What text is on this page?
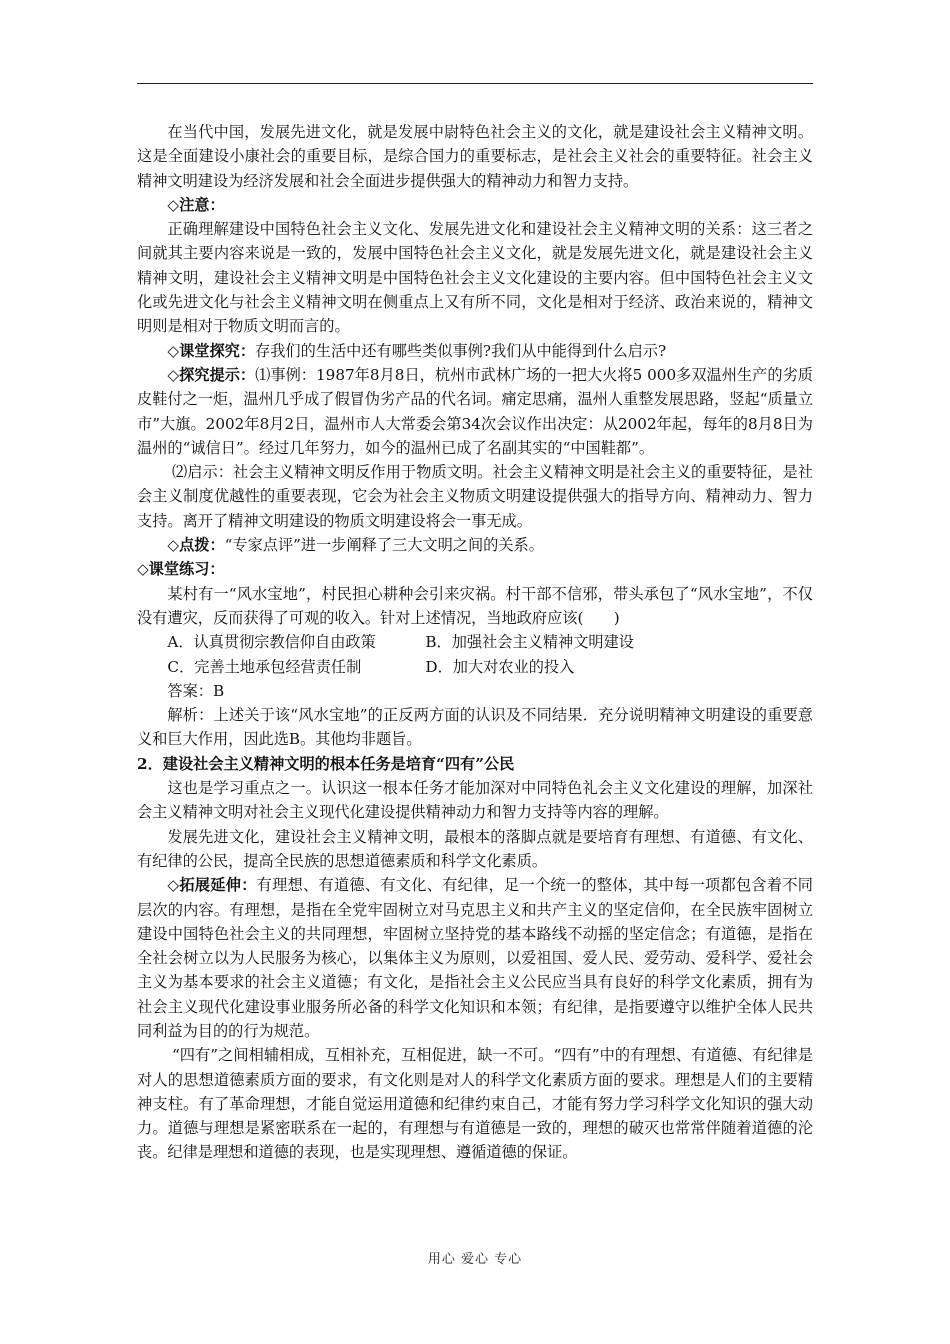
在当代中国，发展先进文化，就是发展中尉特色社会主义的文化，就是建设社会主义精神文明。这是全面建设小康社会的重要目标，是综合国力的重要标志，是社会主义社会的重要特征。社会主义精神文明建设为经济发展和社会全面进步提供强大的精神动力和智力支持。

◇注意：

正确理解建设中国特色社会主义文化、发展先进文化和建设社会主义精神文明的关系：这三者之间就其主要内容来说是一致的，发展中国特色社会主义文化，就是发展先进文化，就是建设社会主义精神文明，建设社会主义精神文明是中国特色社会主义文化建设的主要内容。但中国特色社会主义文化或先进文化与社会主义精神文明在侧重点上又有所不同，文化是相对于经济、政治来说的，精神文明则是相对于物质文明而言的。

◇课堂探究：存我们的生活中还有哪些类似事例?我们从中能得到什么启示?

◇探究提示：⑴事例：1987年8月8日，杭州市武林广场的一把大火将5 000多双温州生产的劣质皮鞋付之一炬，温州几乎成了假冒伪劣产品的代名词。痛定思痛，温州人重整发展思路，竖起“质量立市”大旗。2002年8月2日，温州市人大常委会第34次会议作出决定：从2002年起，每年的8月8日为温州的“诚信日”。经过几年努力，如今的温州已成了名副其实的“中国鞋都”。

⑵启示：社会主义精神文明反作用于物质文明。社会主义精神文明是社会主义的重要特征，是社会主义制度优越性的重要表现，它会为社会主义物质文明建设提供强大的指导方向、精神动力、智力支持。离开了精神文明建设的物质文明建设将会一事无成。

◇点拨：“专家点评”进一步阐释了三大文明之间的关系。

◇课堂练习：

某村有一“风水宝地”，村民担心耕种会引来灾祸。村干部不信邪，带头承包了“风水宝地”，不仅没有遭灾，反而获得了可观的收入。针对上述情况，当地政府应该(　　)

A．认真贯彻宗教信仰自由政策	B．加强社会主义精神文明建设
C．完善土地承包经营责任制	D．加大对农业的投入

答案：B

解析：上述关于该“风水宝地”的正反两方面的认识及不同结果．充分说明精神文明建设的重要意义和巨大作用，因此选B。其他均非题旨。

2．建设社会主义精神文明的根本任务是培育“四有”公民

这也是学习重点之一。认识这一根本任务才能加深对中同特色礼会主义文化建设的理解，加深社会主义精神文明对社会主义现代化建设提供精神动力和智力支持等内容的理解。

发展先进文化，建设社会主义精神文明，最根本的落脚点就是要培育有理想、有道德、有文化、有纪律的公民，提高全民族的思想道德素质和科学文化素质。

◇拓展延伸：有理想、有道德、有文化、有纪律，足一个统一的整体，其中每一项都包含着不同层次的内容。有理想，是指在全党牢固树立对马克思主义和共产主义的坚定信仰，在全民族牢固树立建设中国特色社会主义的共同理想，牢固树立坚持党的基本路线不动摇的坚定信念；有道德，是指在全社会树立以为人民服务为核心，以集体主义为原则，以爱祖国、爱人民、爱劳动、爱科学、爱社会主义为基本要求的社会主义道德；有文化，是指社会主义公民应当具有良好的科学文化素质，拥有为社会主义现代化建设事业服务所必备的科学文化知识和本领；有纪律，是指要遵守以维护全体人民共同利益为目的的行为规范。

“四有”之间相辅相成，互相补充，互相促进，缺一不可。“四有”中的有理想、有道德、有纪律是对人的思想道德素质方面的要求，有文化则是对人的科学文化素质方面的要求。理想是人们的主要精神支柱。有了革命理想，才能自觉运用道德和纪律约束自己，才能有努力学习科学文化知识的强大动力。道德与理想是紧密联系在一起的，有理想与有道德是一致的，理想的破灭也常常伴随着道德的沦丧。纪律是理想和道德的表现，也是实现理想、遵循道德的保证。

用心 爱心 专心
